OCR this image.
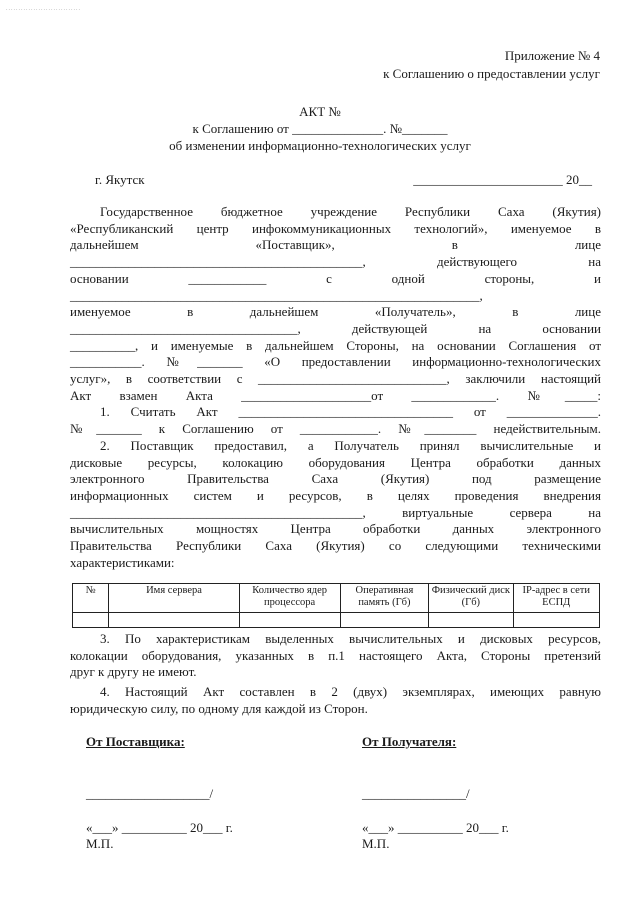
..............................
Приложение № 4
к Соглашению о предоставлении услуг
АКТ №
к Соглашению от ______________. №_______
об изменении информационно-технологических услуг
г. Якутск	_______________________ 20__
Государственное бюджетное учреждение Республики Саха (Якутия)
«Республиканский центр инфокоммуникационных технологий», именуемое в
дальнейшем «Поставщик», в лице
_____________________________________________, действующего на
основании ____________ с одной стороны, и
_______________________________________________________________,
именуемое в дальнейшем «Получатель», в лице
___________________________________, действующей на основании
__________, и именуемые в дальнейшем Стороны, на основании Соглашения от
___________. №_______ «О предоставлении информационно-технологических
услуг», в соответствии с _____________________________, заключили настоящий
Акт взамен Акта ____________________от _____________. №_____:
1. Считать Акт _________________________________ от ______________.
№_______ к Соглашению от ____________. №________ недействительным.
2. Поставщик предоставил, а Получатель принял вычислительные и
дисковые ресурсы, колокацию оборудования Центра обработки данных
электронного Правительства Саха (Якутия) под размещение
информационных систем и ресурсов, в целях проведения внедрения
_____________________________________________, виртуальные сервера на
вычислительных мощностях Центра обработки данных электронного
Правительства Республики Саха (Якутия) со следующими техническими
характеристиками:
№	Имя сервера	Количество ядер процессора	Оперативная память (Гб)	Физический диск (Гб)	IP-адрес в сети ЕСПД

3. По характеристикам выделенных вычислительных и дисковых ресурсов,
колокации оборудования, указанных в п.1 настоящего Акта, Стороны претензий
друг к другу не имеют.
4. Настоящий Акт составлен в 2 (двух) экземплярах, имеющих равную
юридическую силу, по одному для каждой из Сторон.
От Поставщика:	От Получателя:
___________________/	________________/
«___» __________ 20___ г.	«___» __________ 20___ г.
М.П.	М.П.
